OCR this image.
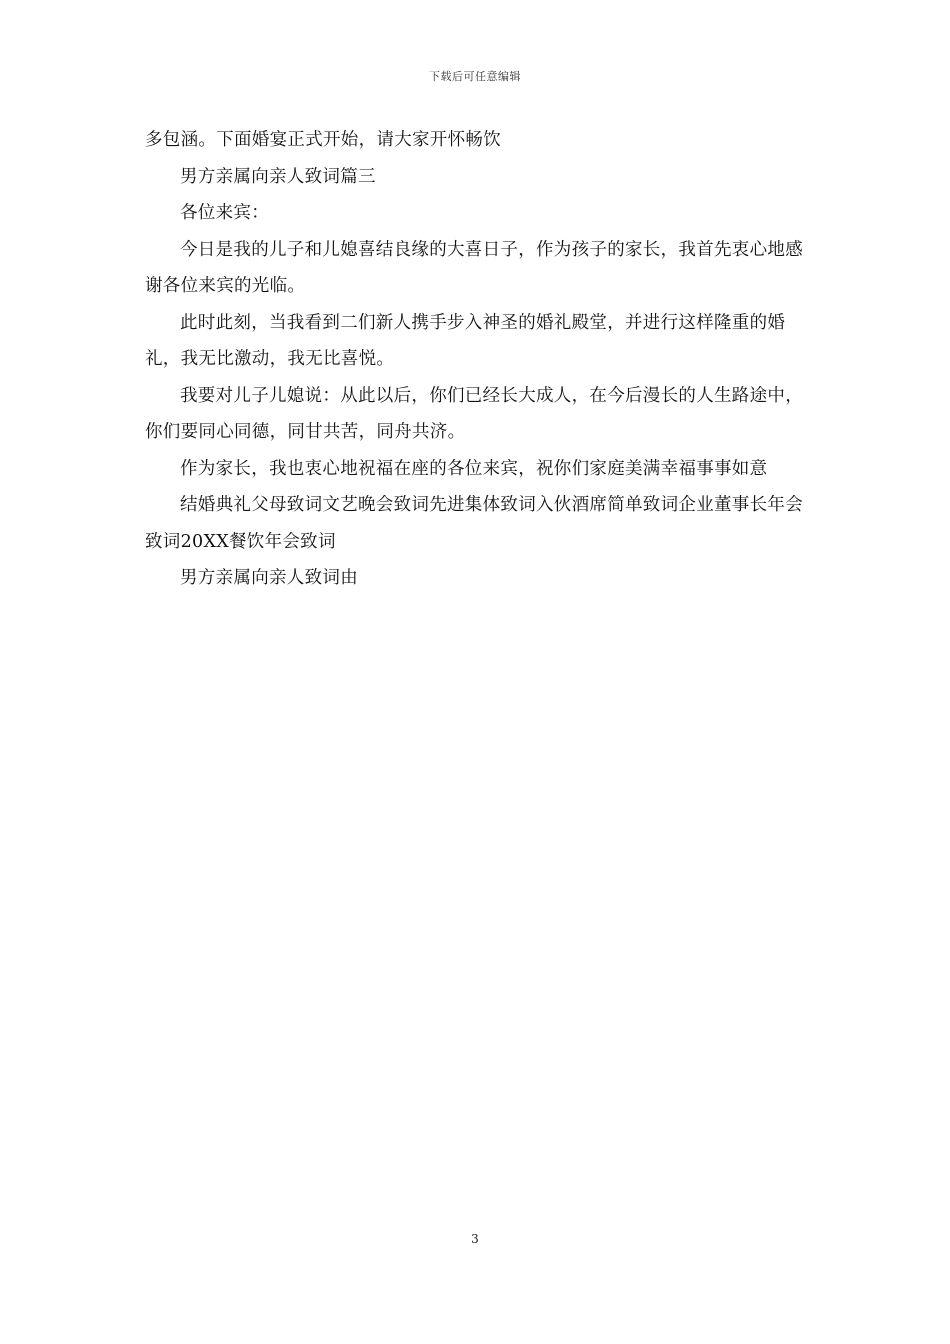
下载后可任意编辑

多包涵。下面婚宴正式开始，请大家开怀畅饮

男方亲属向亲人致词篇三

各位来宾：

今日是我的儿子和儿媳喜结良缘的大喜日子，作为孩子的家长，我首先衷心地感谢各位来宾的光临。

此时此刻，当我看到二们新人携手步入神圣的婚礼殿堂，并进行这样隆重的婚礼，我无比激动，我无比喜悦。

我要对儿子儿媳说：从此以后，你们已经长大成人，在今后漫长的人生路途中，你们要同心同德，同甘共苦，同舟共济。

作为家长，我也衷心地祝福在座的各位来宾，祝你们家庭美满幸福事事如意

结婚典礼父母致词文艺晚会致词先进集体致词入伙酒席简单致词企业董事长年会致词20XX餐饮年会致词

男方亲属向亲人致词由

3
